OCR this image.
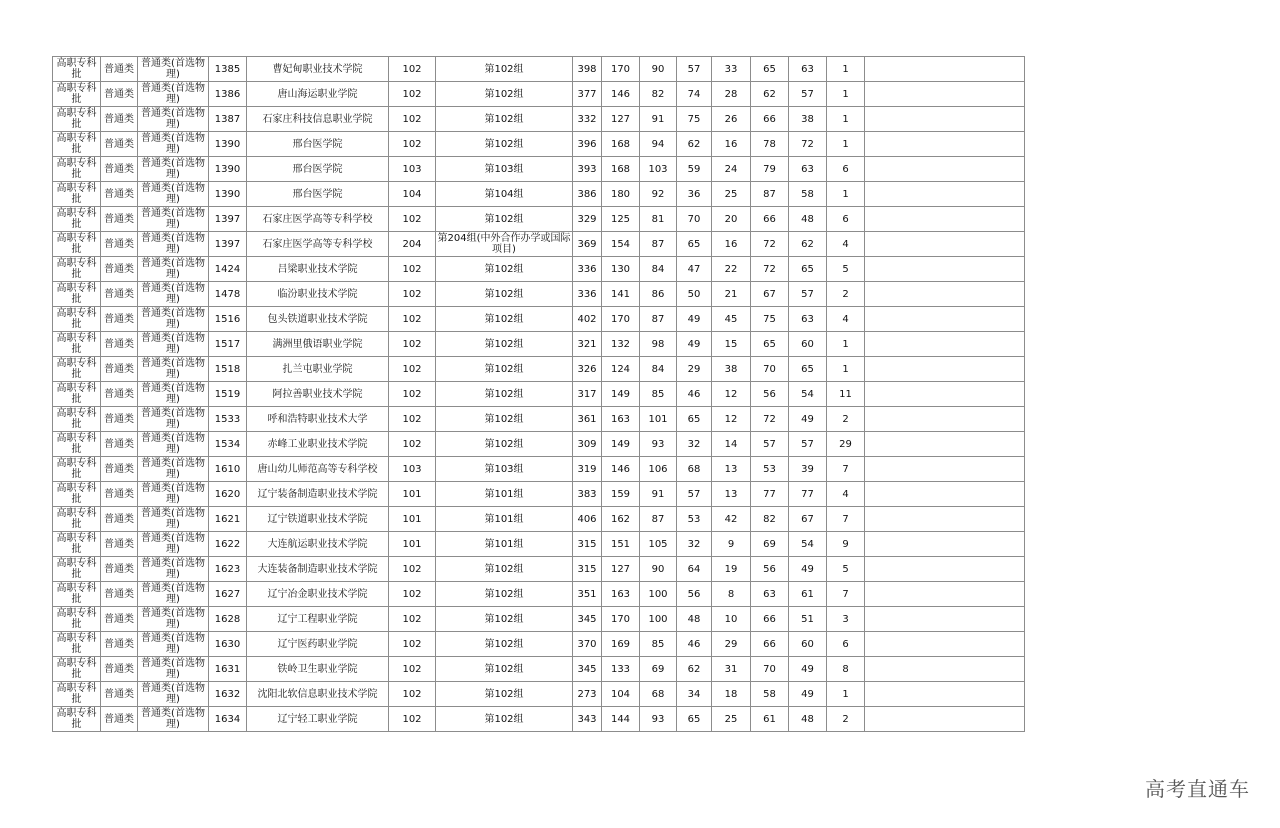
高职专科批	普通类	普通类(首选物理)	1385	曹妃甸职业技术学院	102	第102组	398	170	90	57	33	65	63	1	
高职专科批	普通类	普通类(首选物理)	1386	唐山海运职业学院	102	第102组	377	146	82	74	28	62	57	1	
高职专科批	普通类	普通类(首选物理)	1387	石家庄科技信息职业学院	102	第102组	332	127	91	75	26	66	38	1	
高职专科批	普通类	普通类(首选物理)	1390	邢台医学院	102	第102组	396	168	94	62	16	78	72	1	
高职专科批	普通类	普通类(首选物理)	1390	邢台医学院	103	第103组	393	168	103	59	24	79	63	6	
高职专科批	普通类	普通类(首选物理)	1390	邢台医学院	104	第104组	386	180	92	36	25	87	58	1	
高职专科批	普通类	普通类(首选物理)	1397	石家庄医学高等专科学校	102	第102组	329	125	81	70	20	66	48	6	
高职专科批	普通类	普通类(首选物理)	1397	石家庄医学高等专科学校	204	第204组(中外合作办学或国际项目)	369	154	87	65	16	72	62	4	
高职专科批	普通类	普通类(首选物理)	1424	吕梁职业技术学院	102	第102组	336	130	84	47	22	72	65	5	
高职专科批	普通类	普通类(首选物理)	1478	临汾职业技术学院	102	第102组	336	141	86	50	21	67	57	2	
高职专科批	普通类	普通类(首选物理)	1516	包头铁道职业技术学院	102	第102组	402	170	87	49	45	75	63	4	
高职专科批	普通类	普通类(首选物理)	1517	满洲里俄语职业学院	102	第102组	321	132	98	49	15	65	60	1	
高职专科批	普通类	普通类(首选物理)	1518	扎兰屯职业学院	102	第102组	326	124	84	29	38	70	65	1	
高职专科批	普通类	普通类(首选物理)	1519	阿拉善职业技术学院	102	第102组	317	149	85	46	12	56	54	11	
高职专科批	普通类	普通类(首选物理)	1533	呼和浩特职业技术大学	102	第102组	361	163	101	65	12	72	49	2	
高职专科批	普通类	普通类(首选物理)	1534	赤峰工业职业技术学院	102	第102组	309	149	93	32	14	57	57	29	
高职专科批	普通类	普通类(首选物理)	1610	唐山幼儿师范高等专科学校	103	第103组	319	146	106	68	13	53	39	7	
高职专科批	普通类	普通类(首选物理)	1620	辽宁装备制造职业技术学院	101	第101组	383	159	91	57	13	77	77	4	
高职专科批	普通类	普通类(首选物理)	1621	辽宁铁道职业技术学院	101	第101组	406	162	87	53	42	82	67	7	
高职专科批	普通类	普通类(首选物理)	1622	大连航运职业技术学院	101	第101组	315	151	105	32	9	69	54	9	
高职专科批	普通类	普通类(首选物理)	1623	大连装备制造职业技术学院	102	第102组	315	127	90	64	19	56	49	5	
高职专科批	普通类	普通类(首选物理)	1627	辽宁冶金职业技术学院	102	第102组	351	163	100	56	8	63	61	7	
高职专科批	普通类	普通类(首选物理)	1628	辽宁工程职业学院	102	第102组	345	170	100	48	10	66	51	3	
高职专科批	普通类	普通类(首选物理)	1630	辽宁医药职业学院	102	第102组	370	169	85	46	29	66	60	6	
高职专科批	普通类	普通类(首选物理)	1631	铁岭卫生职业学院	102	第102组	345	133	69	62	31	70	49	8	
高职专科批	普通类	普通类(首选物理)	1632	沈阳北软信息职业技术学院	102	第102组	273	104	68	34	18	58	49	1	
高职专科批	普通类	普通类(首选物理)	1634	辽宁轻工职业学院	102	第102组	343	144	93	65	25	61	48	2	
高考直通车
